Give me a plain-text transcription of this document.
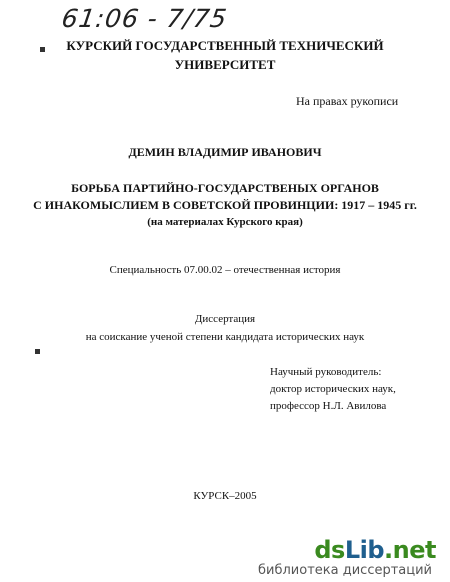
61:06 - 7/75
КУРСКИЙ ГОСУДАРСТВЕННЫЙ ТЕХНИЧЕСКИЙ
УНИВЕРСИТЕТ
На правах рукописи
ДЕМИН ВЛАДИМИР ИВАНОВИЧ
БОРЬБА ПАРТИЙНО-ГОСУДАРСТВЕНЫХ ОРГАНОВ
С ИНАКОМЫСЛИЕМ В СОВЕТСКОЙ ПРОВИНЦИИ: 1917 – 1945 гг.
(на материалах Курского края)
Специальность 07.00.02 – отечественная история
Диссертация
на соискание ученой степени кандидата исторических наук
Научный руководитель:
доктор исторических наук,
профессор Н.Л. Авилова
КУРСК–2005
dsLib.net
библиотека диссертаций
